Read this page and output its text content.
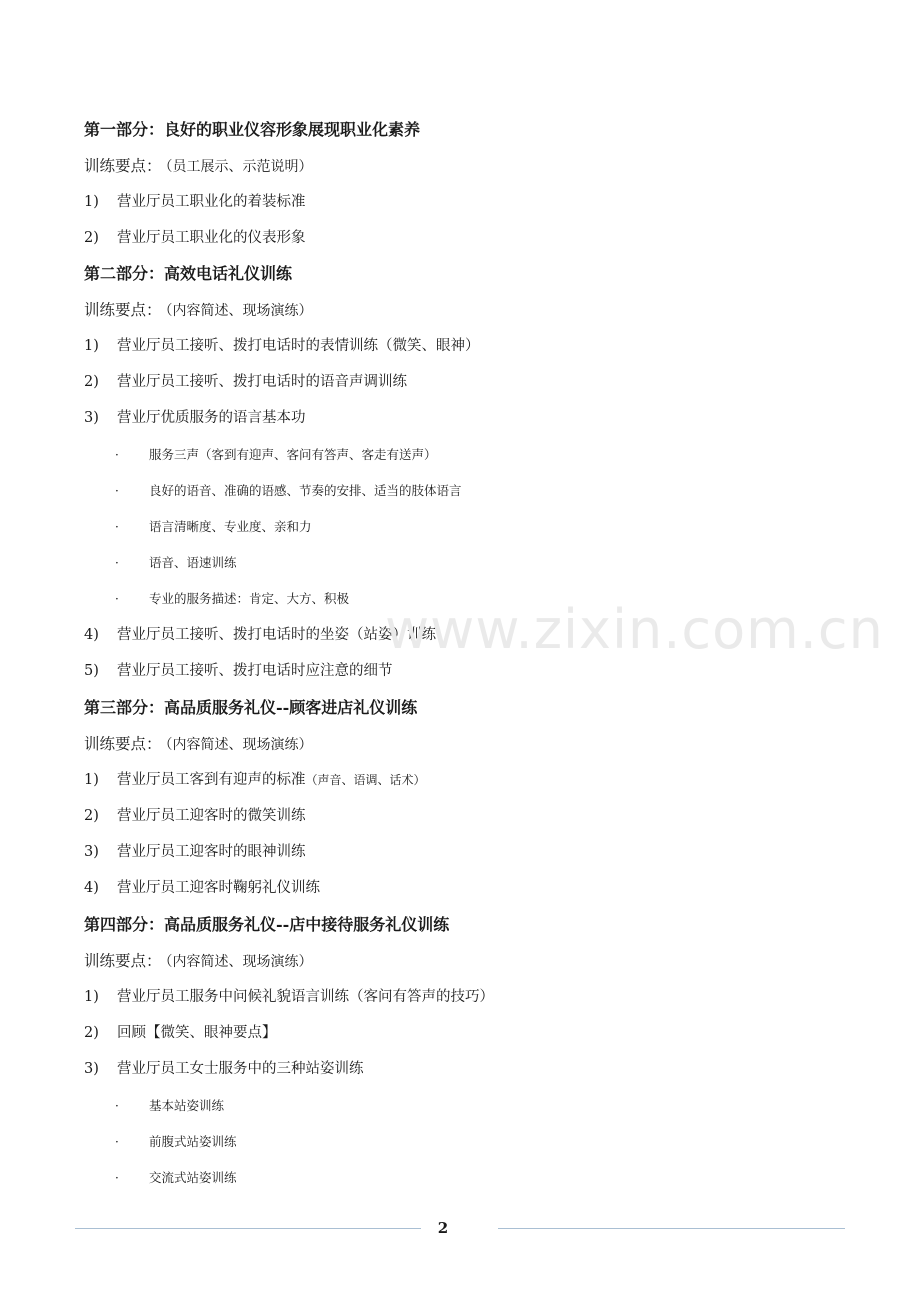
第一部分：良好的职业仪容形象展现职业化素养
训练要点： （员工展示、示范说明）
1) 营业厅员工职业化的着装标准
2) 营业厅员工职业化的仪表形象
第二部分：高效电话礼仪训练
训练要点： （内容简述、现场演练）
1) 营业厅员工接听、拨打电话时的表情训练（微笑、眼神）
2) 营业厅员工接听、拨打电话时的语音声调训练
3) 营业厅优质服务的语言基本功
· 服务三声（客到有迎声、客问有答声、客走有送声）
· 良好的语音、准确的语感、节奏的安排、适当的肢体语言
· 语言清晰度、专业度、亲和力
· 语音、语速训练
· 专业的服务描述：肯定、大方、积极
4) 营业厅员工接听、拨打电话时的坐姿（站姿）训练
5) 营业厅员工接听、拨打电话时应注意的细节
第三部分：高品质服务礼仪--顾客进店礼仪训练
训练要点： （内容简述、现场演练）
1) 营业厅员工客到有迎声的标准（声音、语调、话术）
2) 营业厅员工迎客时的微笑训练
3) 营业厅员工迎客时的眼神训练
4) 营业厅员工迎客时鞠躬礼仪训练
第四部分：高品质服务礼仪--店中接待服务礼仪训练
训练要点： （内容简述、现场演练）
1) 营业厅员工服务中问候礼貌语言训练（客问有答声的技巧）
2) 回顾【微笑、眼神要点】
3) 营业厅员工女士服务中的三种站姿训练
· 基本站姿训练
· 前腹式站姿训练
· 交流式站姿训练
www.zixin.com.cn
2
